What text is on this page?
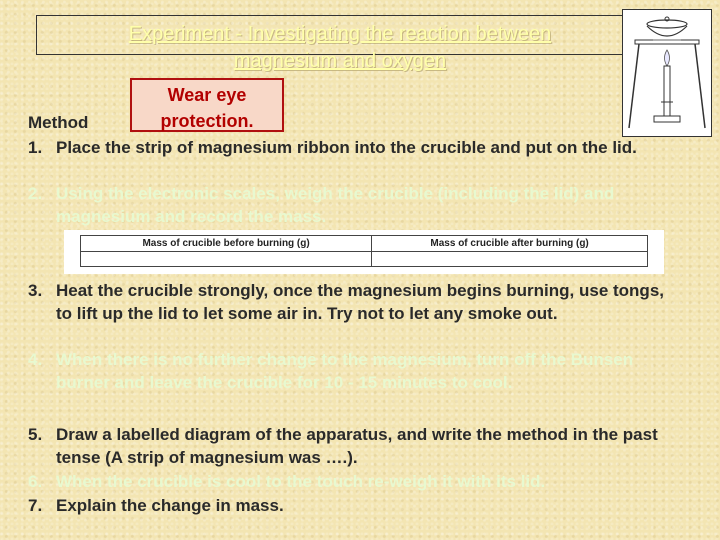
Experiment - Investigating the reaction between
magnesium and oxygen
Wear eye
protection.
Method
1. Place the strip of magnesium ribbon into the crucible and put on the lid.
2. Using the electronic scales, weigh the crucible (including the lid) and magnesium and record the mass.
Mass of crucible before burning (g)	Mass of crucible after burning (g)

3. Heat the crucible strongly, once the magnesium begins burning, use tongs, to lift up the lid to let some air in. Try not to let any smoke out.
4. When there is no further change to the magnesium, turn off the Bunsen burner and leave the crucible for 10 - 15 minutes to cool.
5. Draw a labelled diagram of the apparatus, and write the method in the past tense (A strip of magnesium was ….).
6. When the crucible is cool to the touch re-weigh it with its lid.
7. Explain the change in mass.
